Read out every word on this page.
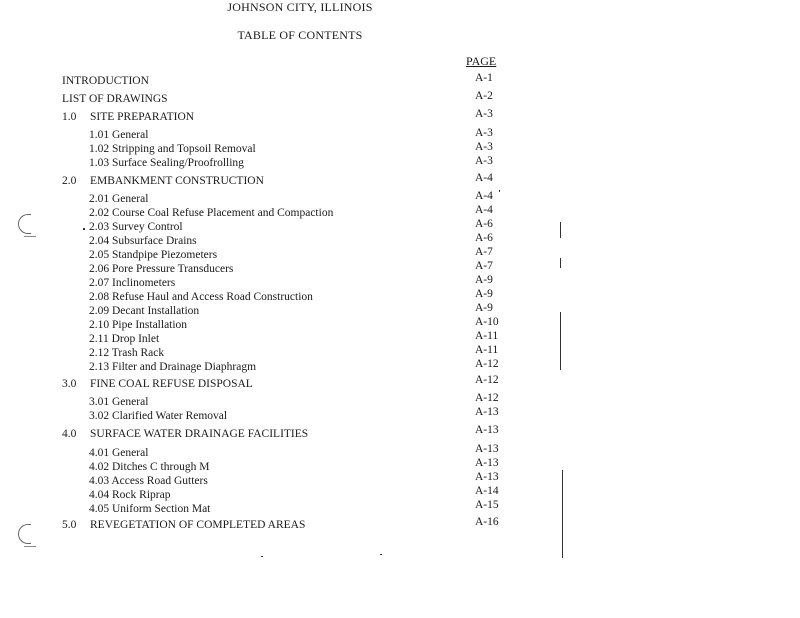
JOHNSON CITY, ILLINOIS
TABLE OF CONTENTS
PAGE
INTRODUCTION	A-1
LIST OF DRAWINGS	A-2
1.0 SITE PREPARATION	A-3
1.01 General	A-3
1.02 Stripping and Topsoil Removal	A-3
1.03 Surface Sealing/Proofrolling	A-3
2.0 EMBANKMENT CONSTRUCTION	A-4
2.01 General	A-4
2.02 Course Coal Refuse Placement and Compaction	A-4
2.03 Survey Control	A-6
2.04 Subsurface Drains	A-6
2.05 Standpipe Piezometers	A-7
2.06 Pore Pressure Transducers	A-7
2.07 Inclinometers	A-9
2.08 Refuse Haul and Access Road Construction	A-9
2.09 Decant Installation	A-9
2.10 Pipe Installation	A-10
2.11 Drop Inlet	A-11
2.12 Trash Rack	A-11
2.13 Filter and Drainage Diaphragm	A-12
3.0 FINE COAL REFUSE DISPOSAL	A-12
3.01 General	A-12
3.02 Clarified Water Removal	A-13
4.0 SURFACE WATER DRAINAGE FACILITIES	A-13
4.01 General	A-13
4.02 Ditches C through M	A-13
4.03 Access Road Gutters	A-13
4.04 Rock Riprap	A-14
4.05 Uniform Section Mat	A-15
5.0 REVEGETATION OF COMPLETED AREAS	A-16
